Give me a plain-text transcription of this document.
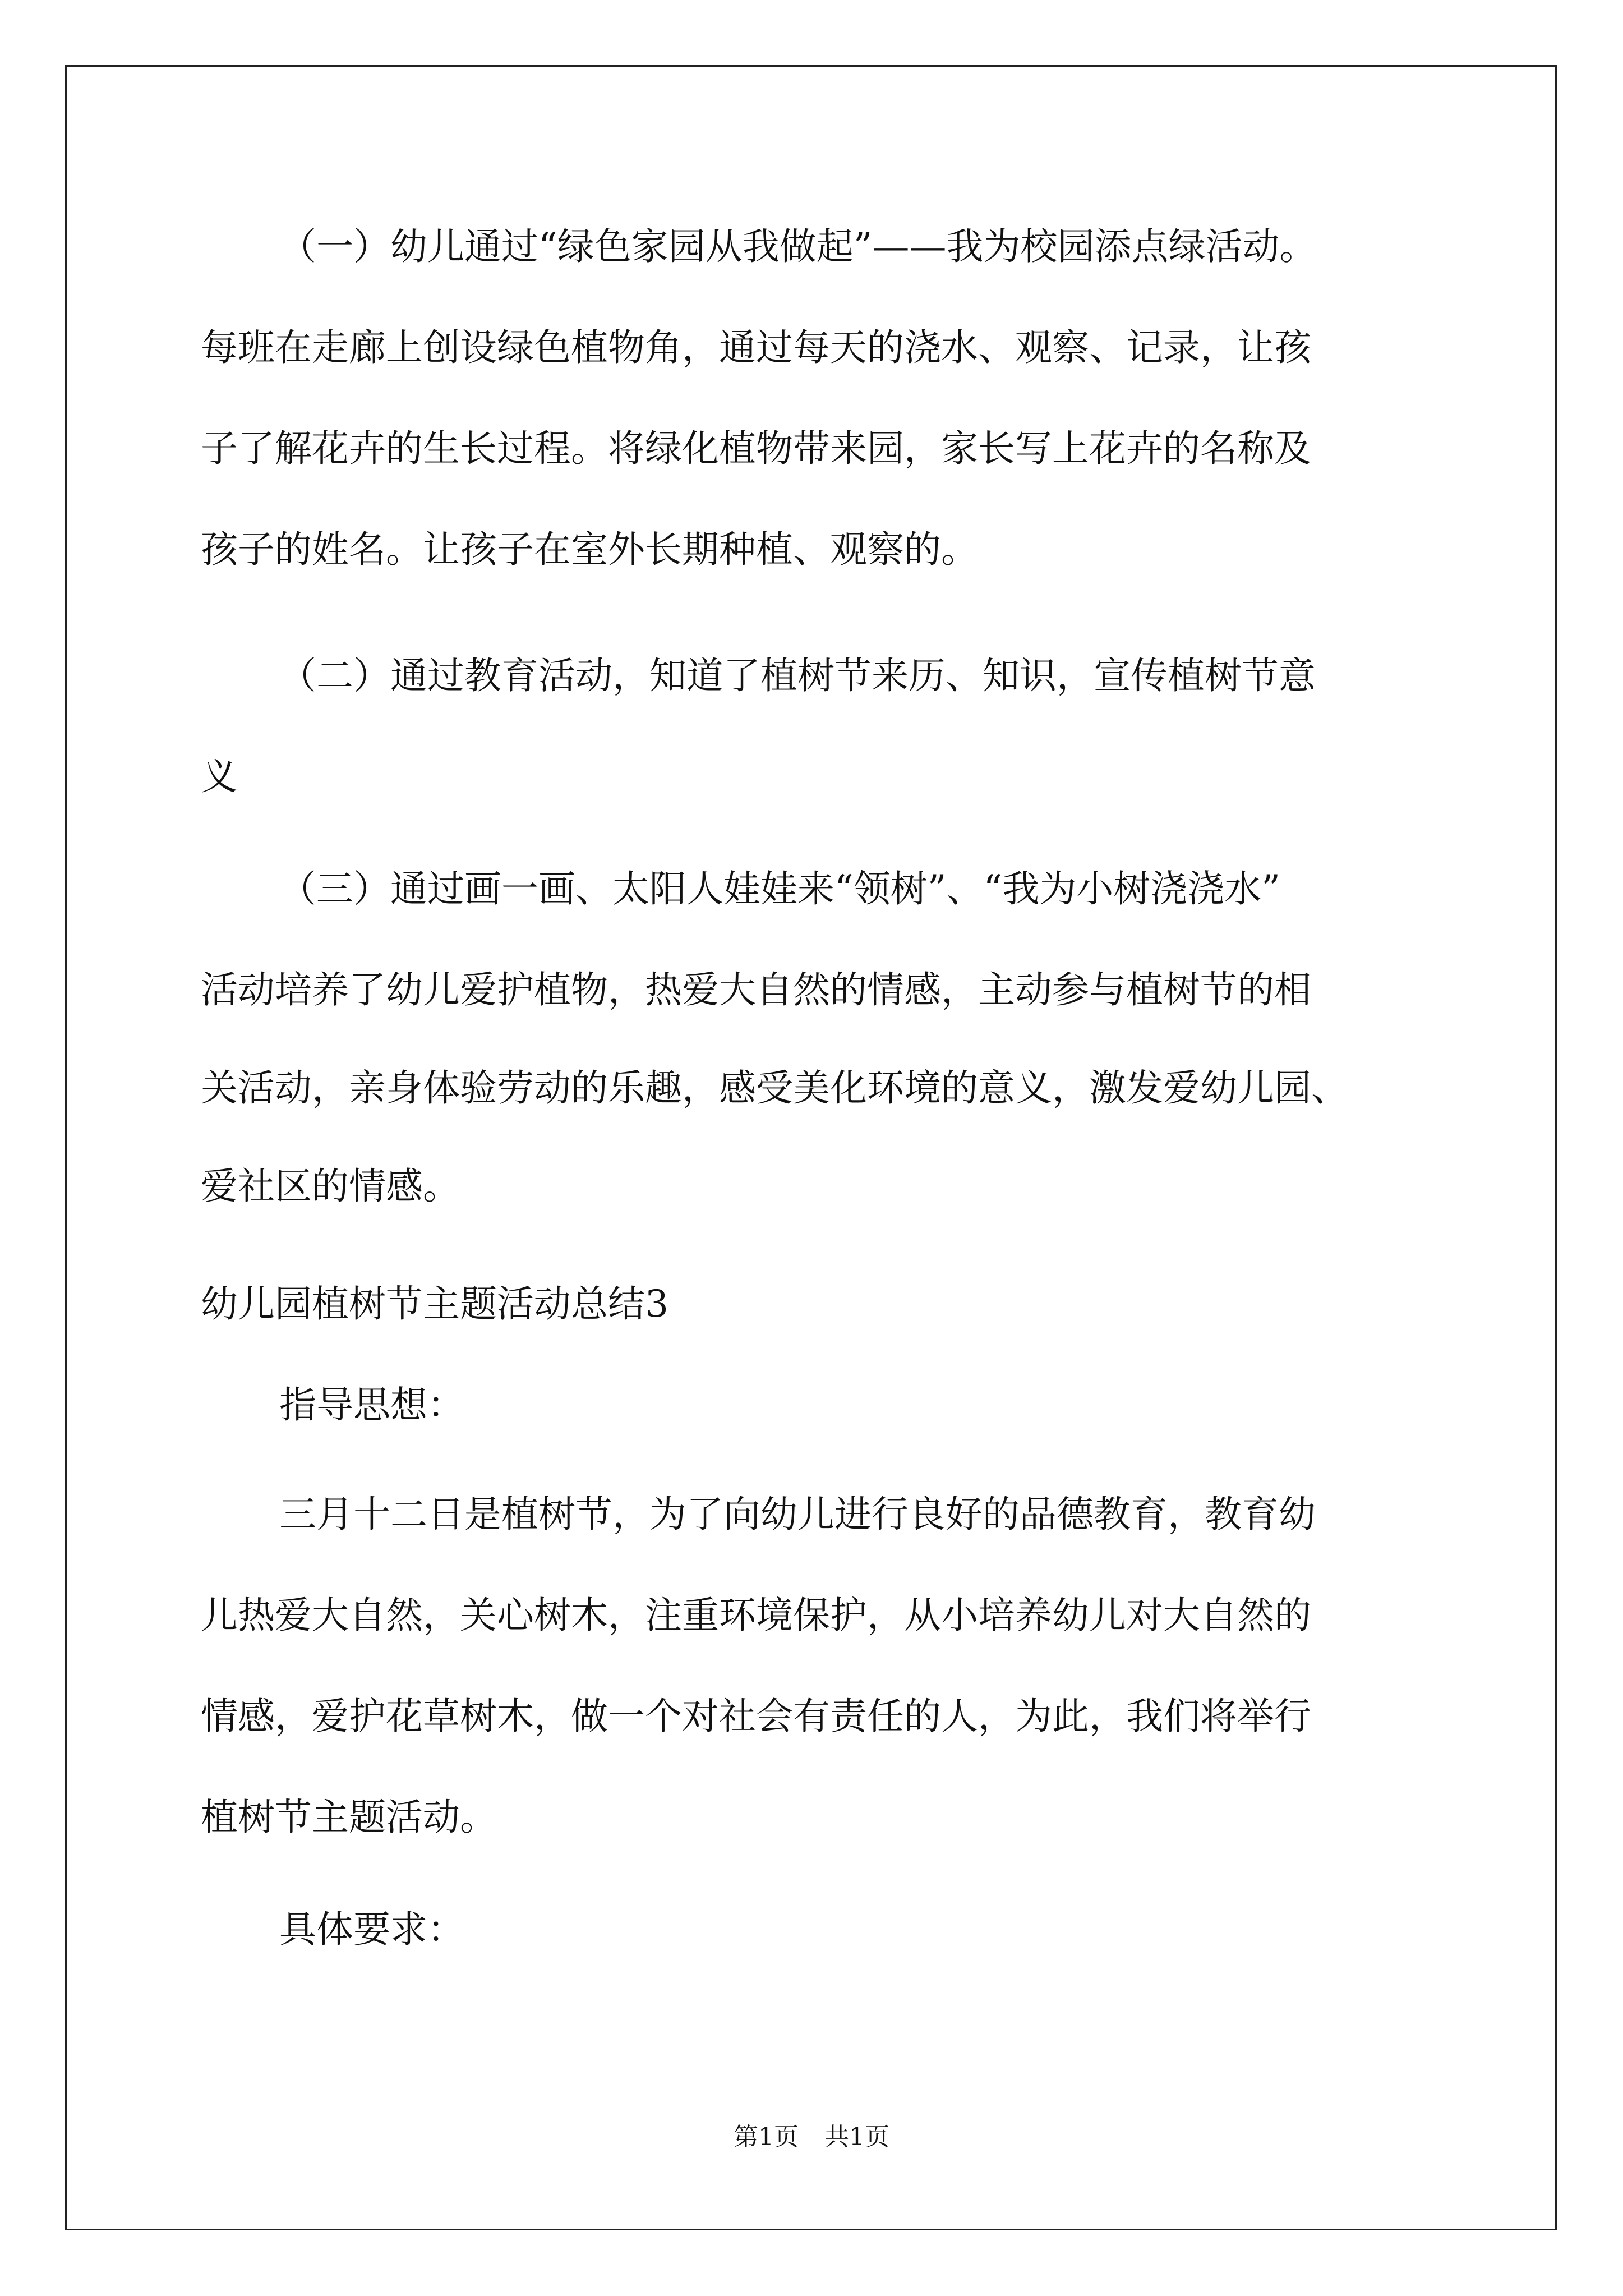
（一）幼儿通过“绿色家园从我做起”——我为校园添点绿活动。
每班在走廊上创设绿色植物角，通过每天的浇水、观察、记录，让孩
子了解花卉的生长过程。将绿化植物带来园，家长写上花卉的名称及
孩子的姓名。让孩子在室外长期种植、观察的。
（二）通过教育活动，知道了植树节来历、知识，宣传植树节意
义
（三）通过画一画、太阳人娃娃来“领树”、“我为小树浇浇水”
活动培养了幼儿爱护植物，热爱大自然的情感，主动参与植树节的相
关活动，亲身体验劳动的乐趣，感受美化环境的意义，激发爱幼儿园、
爱社区的情感。
幼儿园植树节主题活动总结3
指导思想：
三月十二日是植树节，为了向幼儿进行良好的品德教育，教育幼
儿热爱大自然，关心树木，注重环境保护，从小培养幼儿对大自然的
情感，爱护花草树木，做一个对社会有责任的人，为此，我们将举行
植树节主题活动。
具体要求：
第1页 共1页
